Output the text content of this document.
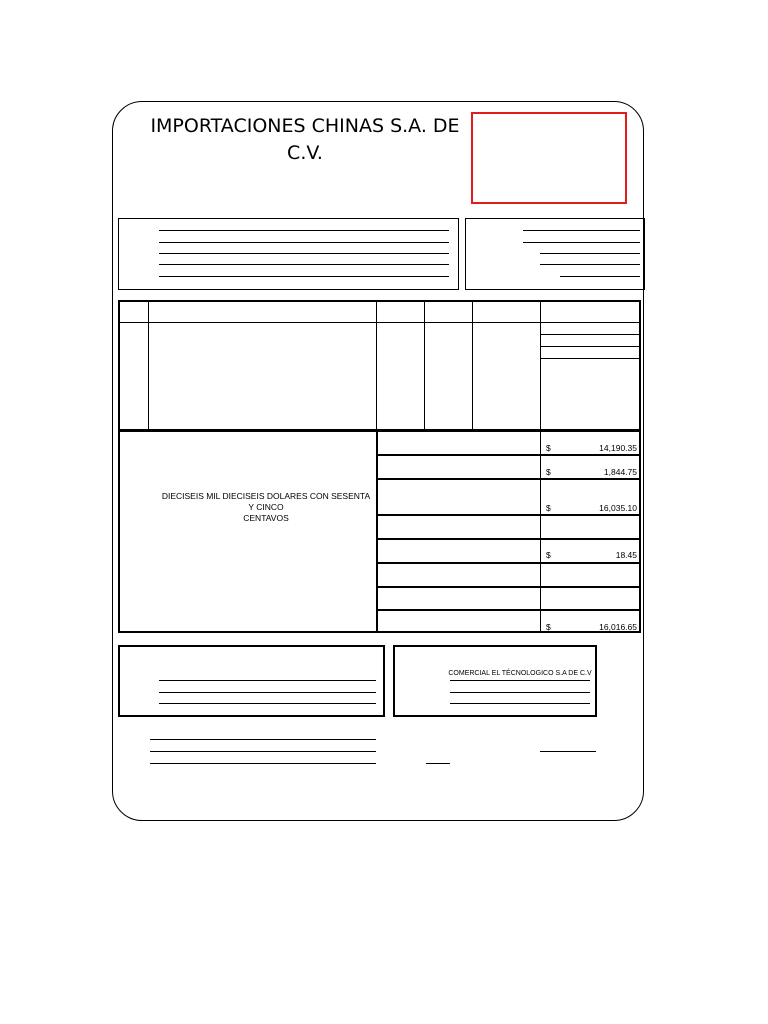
IMPORTACIONES CHINAS S.A. DE
C.V.
DIECISEIS MIL DIECISEIS DOLARES CON SESENTA Y CINCO
CENTAVOS
$	14,190.35
$	1,844.75
$	16,035.10
$	18.45
$	16,016.65
COMERCIAL EL TÉCNOLOGICO S.A DE C.V
